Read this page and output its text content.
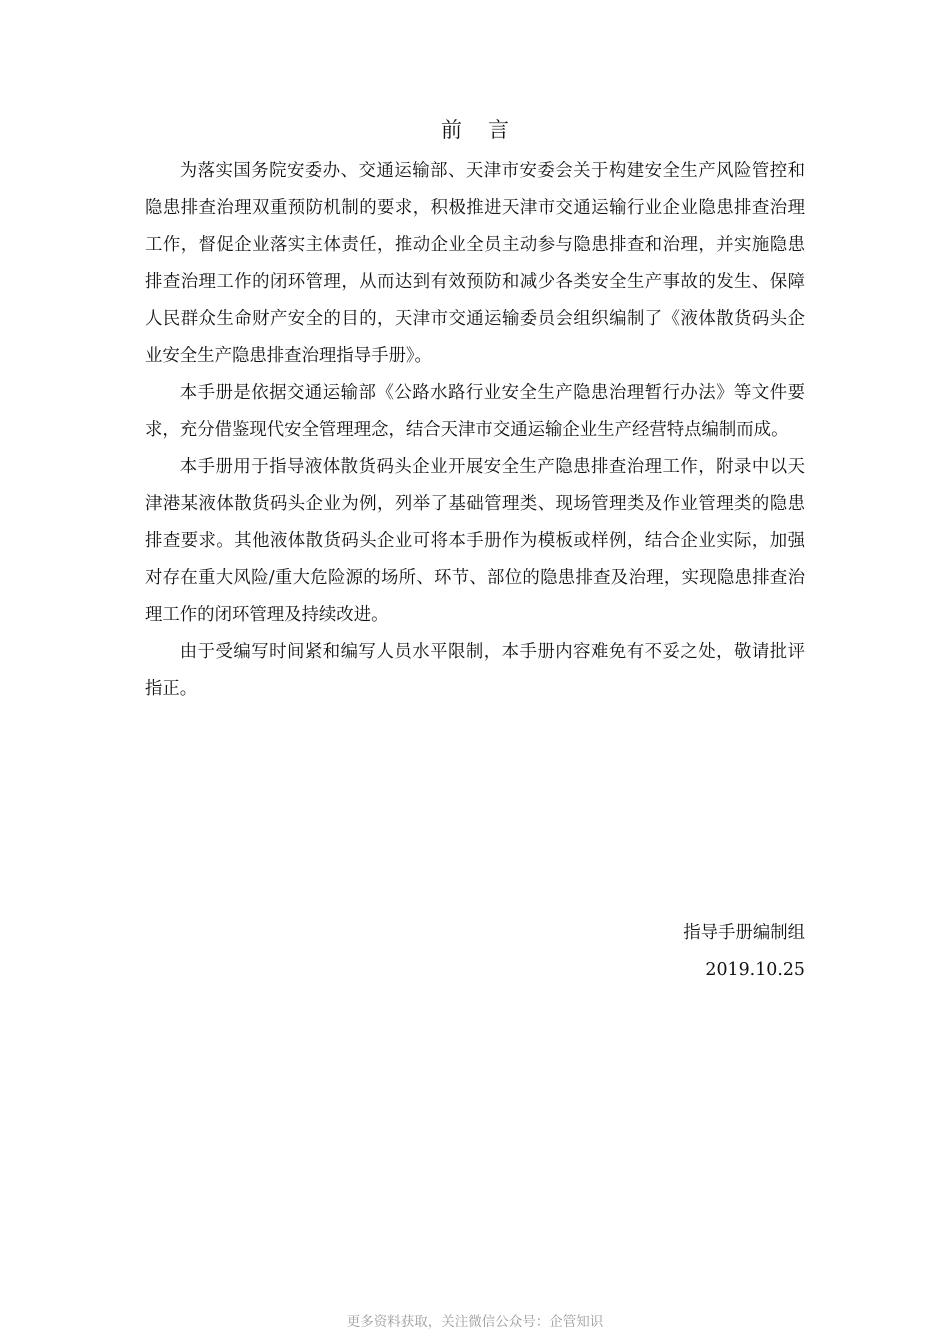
前言

为落实国务院安委办、交通运输部、天津市安委会关于构建安全生产风险管控和隐患排查治理双重预防机制的要求，积极推进天津市交通运输行业企业隐患排查治理工作，督促企业落实主体责任，推动企业全员主动参与隐患排查和治理，并实施隐患排查治理工作的闭环管理，从而达到有效预防和减少各类安全生产事故的发生、保障人民群众生命财产安全的目的，天津市交通运输委员会组织编制了《液体散货码头企业安全生产隐患排查治理指导手册》。

本手册是依据交通运输部《公路水路行业安全生产隐患治理暂行办法》等文件要求，充分借鉴现代安全管理理念，结合天津市交通运输企业生产经营特点编制而成。

本手册用于指导液体散货码头企业开展安全生产隐患排查治理工作，附录中以天津港某液体散货码头企业为例，列举了基础管理类、现场管理类及作业管理类的隐患排查要求。其他液体散货码头企业可将本手册作为模板或样例，结合企业实际，加强对存在重大风险/重大危险源的场所、环节、部位的隐患排查及治理，实现隐患排查治理工作的闭环管理及持续改进。

由于受编写时间紧和编写人员水平限制，本手册内容难免有不妥之处，敬请批评指正。

指导手册编制组
2019.10.25
更多资料获取，关注微信公众号：企管知识
